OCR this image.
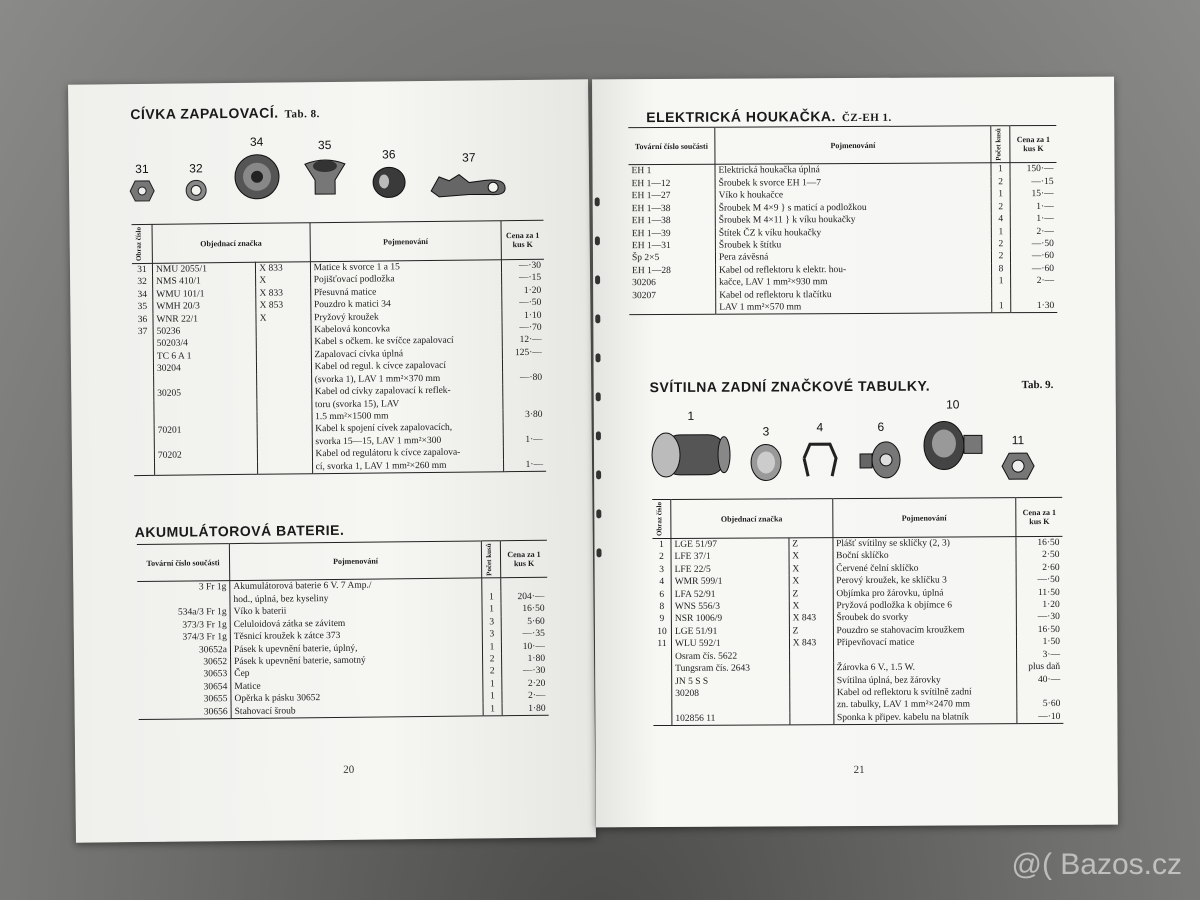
CÍVKA ZAPALOVACÍ. Tab. 8.
31	32
34	35
36	37
Obraz číslo	Objednací značka		Pojmenování	Cena za 1 kus K
31	NMU 2055/1	X 833	Matice k svorce 1 a 15	—·30
32	NMS 410/1	X	Pojišťovací podložka	—·15
34	WMU 101/1	X 833	Přesuvná matice	1·20
35	WMH 20/3	X 853	Pouzdro k matici 34	—·50
36	WNR 22/1	X	Pryžový kroužek	1·10
37	50236		Kabelová koncovka	—·70
	50203/4		Kabel s očkem. ke svíčce zapalovací	12·—
	TC 6 A 1		Zapalovací cívka úplná	125·—
	30204		Kabel od regul. k cívce zapalovací	
			(svorka 1), LAV 1 mm²×370 mm	—·80
	30205		Kabel od cívky zapalovací k reflek-	
			toru (svorka 15), LAV	
			1.5 mm²×1500 mm	3·80
	70201		Kabel k spojení cívek zapalovacích,	
			svorka 15—15, LAV 1 mm²×300	1·—
	70202		Kabel od regulátoru k cívce zapalova-	
			cí, svorka 1, LAV 1 mm²×260 mm	1·—
AKUMULÁTOROVÁ BATERIE.
Tovární číslo součásti	Pojmenování	Počet kusů	Cena za 1 kus K
3 Fr 1g	Akumulátorová baterie 6 V. 7 Amp./		
	hod., úplná, bez kyseliny	1	204·—
534a/3 Fr 1g	Víko k baterii	1	16·50
373/3 Fr 1g	Celuloidová zátka se závitem	3	5·60
374/3 Fr 1g	Těsnicí kroužek k zátce 373	3	—·35
30652a	Pásek k upevnění baterie, úplný,	1	10·—
30652	Pásek k upevnění baterie, samotný	2	1·80
30653	Čep	2	—·30
30654	Matice	1	2·20
30655	Opěrka k pásku 30652	1	2·—
30656	Stahovací šroub	1	1·80
20
ELEKTRICKÁ HOUKAČKA. ČZ-EH 1.
Tovární číslo součásti	Pojmenování	Počet kusů	Cena za 1 kus K
EH 1	Elektrická houkačka úplná	1	150·—
EH 1—12	Šroubek k svorce EH 1—7	2	—·15
EH 1—27	Víko k houkačce	1	15·—
EH 1—38	Šroubek M 4×9 } s maticí a podložkou	2	1·—
EH 1—38	Šroubek M 4×11 } k víku houkačky	4	1·—
EH 1—39	Štítek ČZ k víku houkačky	1	2·—
EH 1—31	Šroubek k štítku	2	—·50
Šp 2×5	Pera závěsná	2	—·60
EH 1—28	Kabel od reflektoru k elektr. hou-	8	—·60
30206	kačce, LAV 1 mm²×930 mm	1	2·—
30207	Kabel od reflektoru k tlačítku		
	LAV 1 mm²×570 mm	1	1·30
SVÍTILNA ZADNÍ ZNAČKOVÉ TABULKY.	Tab. 9.
1
3	4	6
10
11
Obraz číslo	Objednací značka		Pojmenování	Cena za 1 kus K
1	LGE 51/97	Z	Plášť svítilny se sklíčky (2, 3)	16·50
2	LFE 37/1	X	Boční sklíčko	2·50
3	LFE 22/5	X	Červené čelní sklíčko	2·60
4	WMR 599/1	X	Perový kroužek, ke sklíčku 3	—·50
6	LFA 52/91	Z	Objímka pro žárovku, úplná	11·50
8	WNS 556/3	X	Pryžová podložka k objímce 6	1·20
9	NSR 1006/9	X 843	Šroubek do svorky	—·30
10	LGE 51/91	Z	Pouzdro se stahovacím kroužkem	16·50
11	WLU 592/1	X 843	Připevňovací matice	1·50
	Osram čís. 5622			3·—
	Tungsram čís. 2643		Žárovka 6 V., 1.5 W.	plus daň
	JN 5 S S		Svítilna úplná, bez žárovky	40·—
	30208		Kabel od reflektoru k svítilně zadní	
			zn. tabulky, LAV 1 mm²×2470 mm	5·60
	102856 11		Sponka k připev. kabelu na blatník	—·10
21
@( Bazos.cz
